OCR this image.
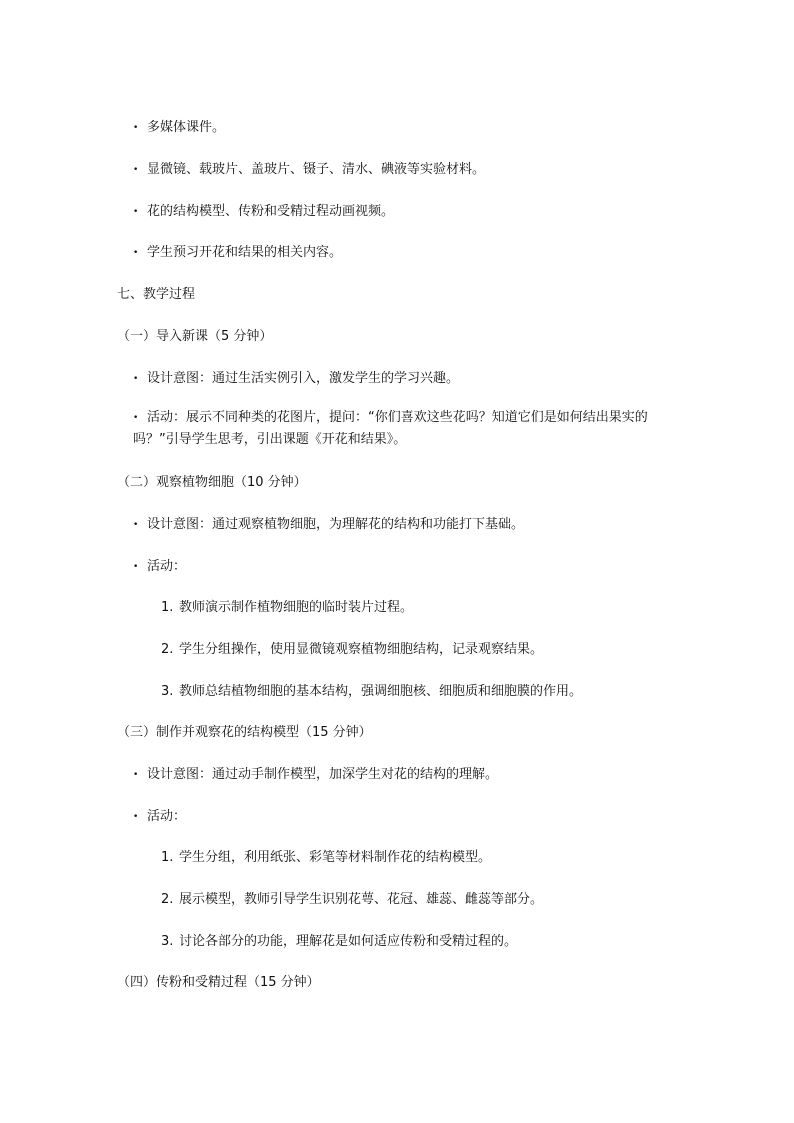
• 多媒体课件。
• 显微镜、载玻片、盖玻片、镊子、清水、碘液等实验材料。
• 花的结构模型、传粉和受精过程动画视频。
• 学生预习开花和结果的相关内容。
七、教学过程
（一）导入新课（5 分钟）
• 设计意图：通过生活实例引入，激发学生的学习兴趣。
• 活动：展示不同种类的花图片，提问：“你们喜欢这些花吗？知道它们是如何结出果实的吗？”引导学生思考，引出课题《开花和结果》。
（二）观察植物细胞（10 分钟）
• 设计意图：通过观察植物细胞，为理解花的结构和功能打下基础。
• 活动：
1. 教师演示制作植物细胞的临时装片过程。
2. 学生分组操作，使用显微镜观察植物细胞结构，记录观察结果。
3. 教师总结植物细胞的基本结构，强调细胞核、细胞质和细胞膜的作用。
（三）制作并观察花的结构模型（15 分钟）
• 设计意图：通过动手制作模型，加深学生对花的结构的理解。
• 活动：
1. 学生分组，利用纸张、彩笔等材料制作花的结构模型。
2. 展示模型，教师引导学生识别花萼、花冠、雄蕊、雌蕊等部分。
3. 讨论各部分的功能，理解花是如何适应传粉和受精过程的。
（四）传粉和受精过程（15 分钟）
